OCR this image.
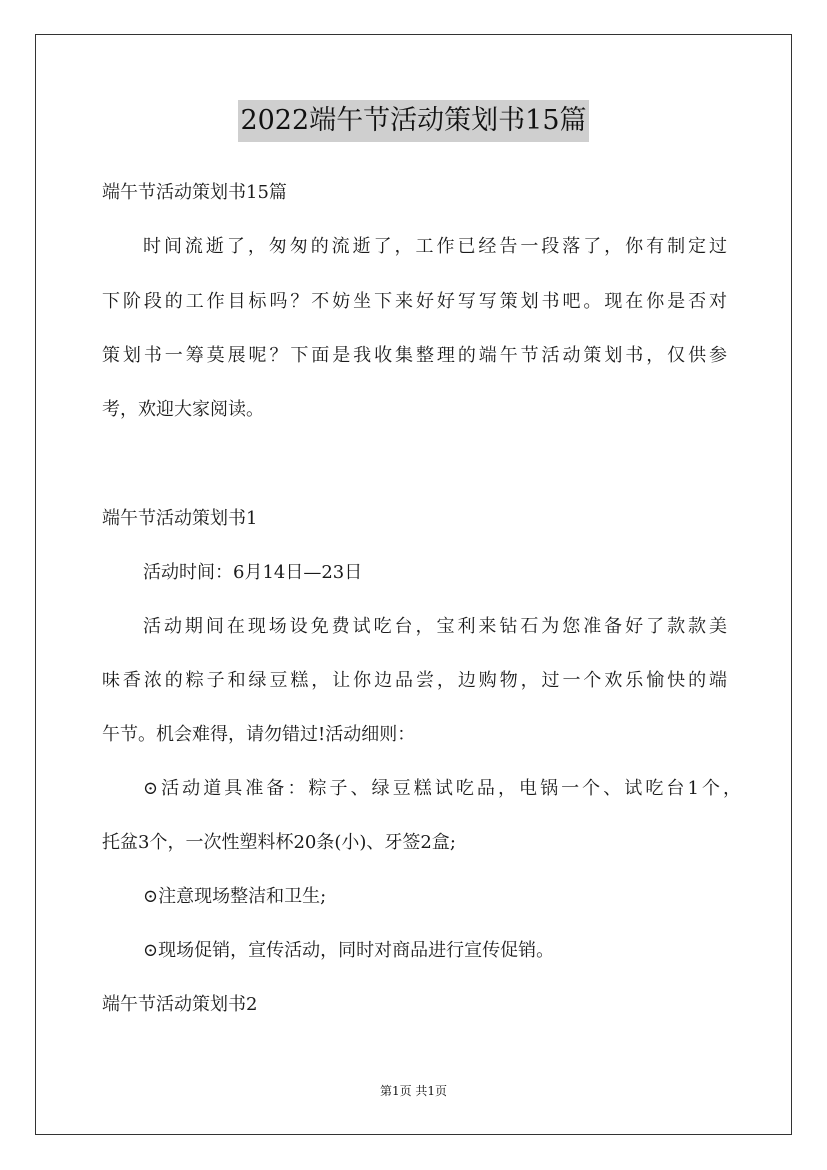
2022端午节活动策划书15篇
端午节活动策划书15篇
时间流逝了，匆匆的流逝了，工作已经告一段落了，你有制定过
下阶段的工作目标吗？不妨坐下来好好写写策划书吧。现在你是否对
策划书一筹莫展呢？下面是我收集整理的端午节活动策划书，仅供参
考，欢迎大家阅读。
端午节活动策划书1
活动时间：6月14日—23日
活动期间在现场设免费试吃台，宝利来钻石为您准备好了款款美
味香浓的粽子和绿豆糕，让你边品尝，边购物，过一个欢乐愉快的端
午节。机会难得，请勿错过!活动细则：
⊙活动道具准备：粽子、绿豆糕试吃品，电锅一个、试吃台1个，
托盆3个，一次性塑料杯20条(小)、牙签2盒;
⊙注意现场整洁和卫生;
⊙现场促销，宣传活动，同时对商品进行宣传促销。
端午节活动策划书2
第1页 共1页
